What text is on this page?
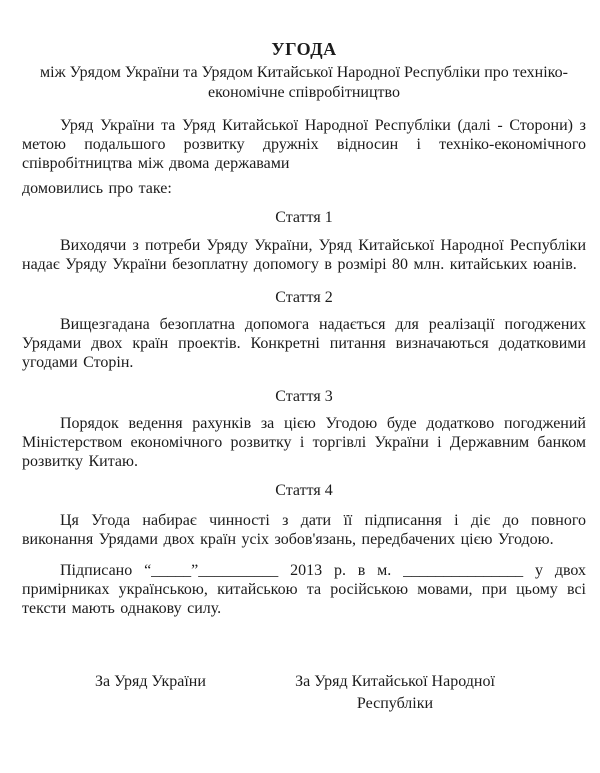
УГОДА
між Урядом України та Урядом Китайської Народної Республіки про техніко-економічне співробітництво

Уряд України та Уряд Китайської Народної Республіки (далі - Сторони) з метою подальшого розвитку дружніх відносин і техніко-економічного співробітництва між двома державами

домовились про таке:

Стаття 1

Виходячи з потреби Уряду України, Уряд Китайської Народної Республіки надає Уряду України безоплатну допомогу в розмірі 80 млн. китайських юанів.

Стаття 2

Вищезгадана безоплатна допомога надається для реалізації погоджених Урядами двох країн проектів. Конкретні питання визначаються додатковими угодами Сторін.

Стаття 3

Порядок ведення рахунків за цією Угодою буде додатково погоджений Міністерством економічного розвитку і торгівлі України і Державним банком розвитку Китаю.

Стаття 4

Ця Угода набирає чинності з дати її підписання і діє до повного виконання Урядами двох країн усіх зобов'язань, передбачених цією Угодою.

Підписано “_____”__________ 2013 р. в м. _______________ у двох примірниках українською, китайською та російською мовами, при цьому всі тексти мають однакову силу.

За Уряд України	За Уряд Китайської Народної Республіки
